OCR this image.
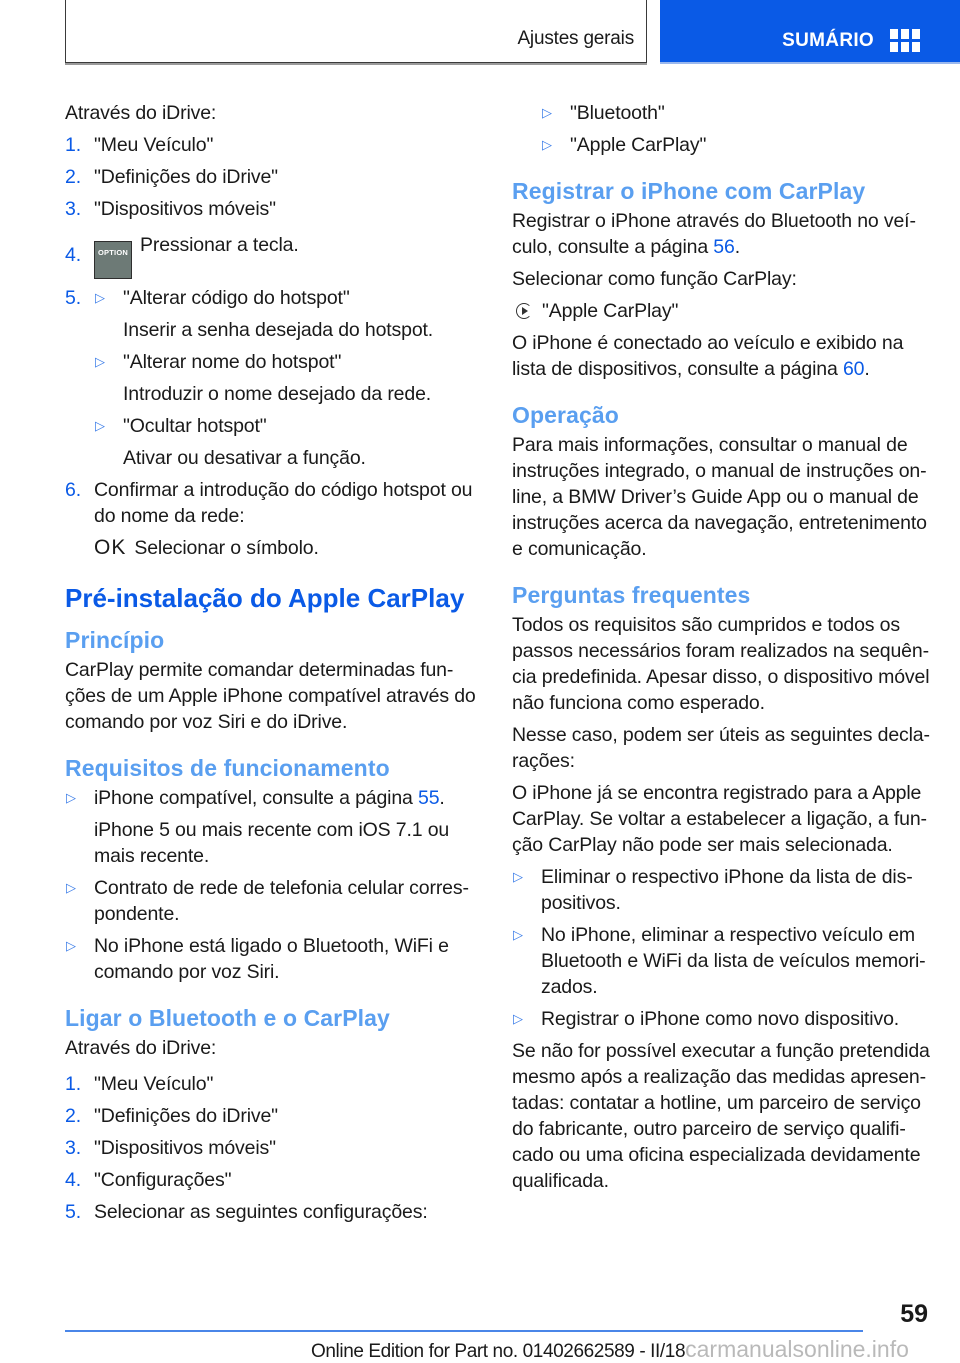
Ajustes gerais	SUMÁRIO

Através do iDrive:

1. "Meu Veículo"
2. "Definições do iDrive"
3. "Dispositivos móveis"
4. OPTION Pressionar a tecla.
5. ▷ "Alterar código do hotspot"
Inserir a senha desejada do hotspot.
▷ "Alterar nome do hotspot"
Introduzir o nome desejado da rede.
▷ "Ocultar hotspot"
Ativar ou desativar a função.
6. Confirmar a introdução do código hotspot ou do nome da rede:
OK Selecionar o símbolo.
Pré-instalação do Apple CarPlay
Princípio

CarPlay permite comandar determinadas funções de um Apple iPhone compatível através do comando por voz Siri e do iDrive.

Requisitos de funcionamento
▷ iPhone compatível, consulte a página 55.
iPhone 5 ou mais recente com iOS 7.1 ou mais recente.
▷ Contrato de rede de telefonia celular correspondente.
▷ No iPhone está ligado o Bluetooth, WiFi e comando por voz Siri.
Ligar o Bluetooth e o CarPlay

Através do iDrive:

1. "Meu Veículo"
2. "Definições do iDrive"
3. "Dispositivos móveis"
4. "Configurações"
5. Selecionar as seguintes configurações:
▷ "Bluetooth"
▷ "Apple CarPlay"
Registrar o iPhone com CarPlay

Registrar o iPhone através do Bluetooth no veículo, consulte a página 56.

Selecionar como função CarPlay:

"Apple CarPlay"

O iPhone é conectado ao veículo e exibido na lista de dispositivos, consulte a página 60.

Operação

Para mais informações, consultar o manual de instruções integrado, o manual de instruções online, a BMW Driver’s Guide App ou o manual de instruções acerca da navegação, entretenimento e comunicação.

Perguntas frequentes

Todos os requisitos são cumpridos e todos os passos necessários foram realizados na sequência predefinida. Apesar disso, o dispositivo móvel não funciona como esperado.

Nesse caso, podem ser úteis as seguintes declarações:

O iPhone já se encontra registrado para a Apple CarPlay. Se voltar a estabelecer a ligação, a função CarPlay não pode ser mais selecionada.

▷ Eliminar o respectivo iPhone da lista de dispositivos.
▷ No iPhone, eliminar a respectivo veículo em Bluetooth e WiFi da lista de veículos memorizados.
▷ Registrar o iPhone como novo dispositivo.

Se não for possível executar a função pretendida mesmo após a realização das medidas apresentadas: contatar a hotline, um parceiro de serviço do fabricante, outro parceiro de serviço qualificado ou uma oficina especializada devidamente qualificada.

59
Online Edition for Part no. 01402662589 - II/18carmanualsonline.info
